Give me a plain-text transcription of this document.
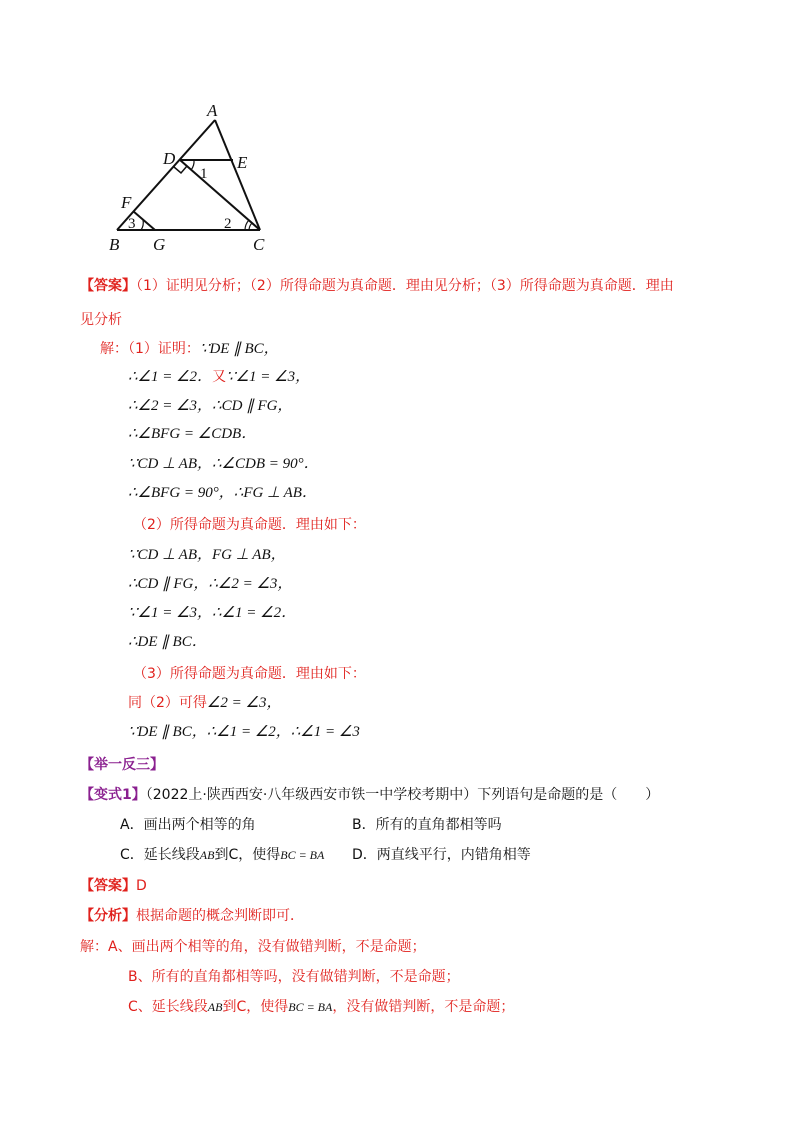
A
D	E
F
B G	C
1
2
3
【答案】（1）证明见分析；（2）所得命题为真命题．理由见分析；（3）所得命题为真命题．理由
见分析
解：（1）证明：∵DE ∥ BC，
∴∠1 = ∠2．又∵∠1 = ∠3，
∴∠2 = ∠3，∴CD ∥ FG，
∴∠BFG = ∠CDB．
∵CD ⊥ AB，∴∠CDB = 90°．
∴∠BFG = 90°，∴FG ⊥ AB．
（2）所得命题为真命题．理由如下：
∵CD ⊥ AB，FG ⊥ AB，
∴CD ∥ FG，∴∠2 = ∠3，
∵∠1 = ∠3，∴∠1 = ∠2．
∴DE ∥ BC．
（3）所得命题为真命题．理由如下：
同（2）可得∠2 = ∠3，
∵DE ∥ BC，∴∠1 = ∠2，∴∠1 = ∠3
【举一反三】
【变式1】（2022上·陕西西安·八年级西安市铁一中学校考期中）下列语句是命题的是（　　）
A．画出两个相等的角	B．所有的直角都相等吗
C．延长线段AB到C，使得BC = BA D．两直线平行，内错角相等
【答案】D
【分析】根据命题的概念判断即可．
解：A、画出两个相等的角，没有做错判断，不是命题；
B、所有的直角都相等吗，没有做错判断，不是命题；
C、延长线段AB到C，使得BC = BA，没有做错判断，不是命题；
